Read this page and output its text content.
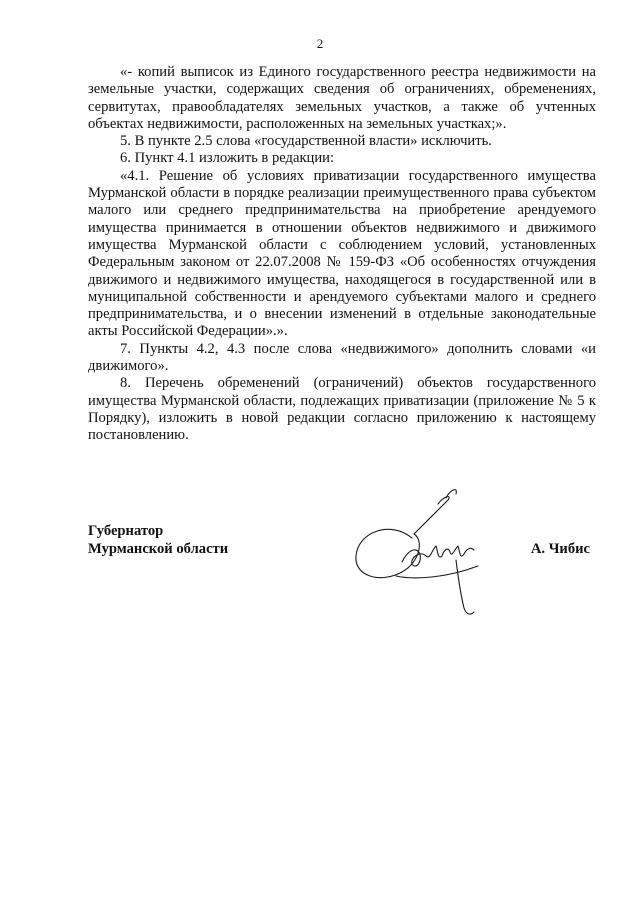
2

«- копий выписок из Единого государственного реестра недвижимости на земельные участки, содержащих сведения об ограничениях, обременениях, сервитутах, правообладателях земельных участков, а также об учтенных объектах недвижимости, расположенных на земельных участках;».

5. В пункте 2.5 слова «государственной власти» исключить.

6. Пункт 4.1 изложить в редакции:

«4.1. Решение об условиях приватизации государственного имущества Мурманской области в порядке реализации преимущественного права субъектом малого или среднего предпринимательства на приобретение арендуемого имущества принимается в отношении объектов недвижимого и движимого имущества Мурманской области с соблюдением условий, установленных Федеральным законом от 22.07.2008 № 159-ФЗ «Об особенностях отчуждения движимого и недвижимого имущества, находящегося в государственной или в муниципальной собственности и арендуемого субъектами малого и среднего предпринимательства, и о внесении изменений в отдельные законодательные акты Российской Федерации».».

7. Пункты 4.2, 4.3 после слова «недвижимого» дополнить словами «и движимого».

8. Перечень обременений (ограничений) объектов государственного имущества Мурманской области, подлежащих приватизации (приложение № 5 к Порядку), изложить в новой редакции согласно приложению к настоящему постановлению.

Губернатор
Мурманской области	А. Чибис
